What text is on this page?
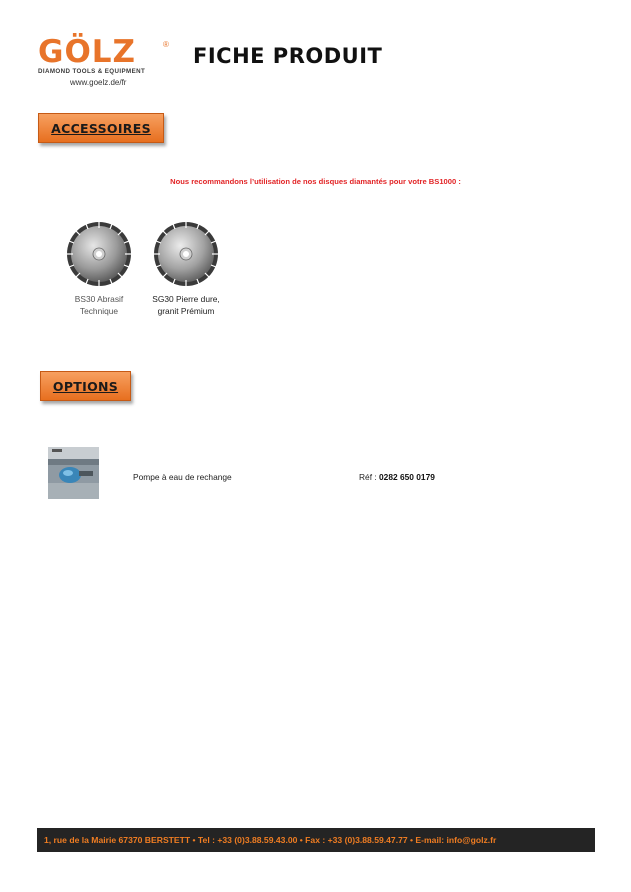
GÖLZ	®
DIAMOND TOOLS & EQUIPMENT
www.goelz.de/fr
FICHE PRODUIT
ACCESSOIRES
Nous recommandons l’utilisation de nos disques diamantés pour votre BS1000 :
BS30 Abrasif
Technique
SG30 Pierre dure,
granit Prémium
OPTIONS
Pompe à eau de rechange	Réf : 0282 650 0179
1, rue de la Mairie 67370 BERSTETT • Tel : +33 (0)3.88.59.43.00 • Fax : +33 (0)3.88.59.47.77 • E-mail: info@golz.fr
